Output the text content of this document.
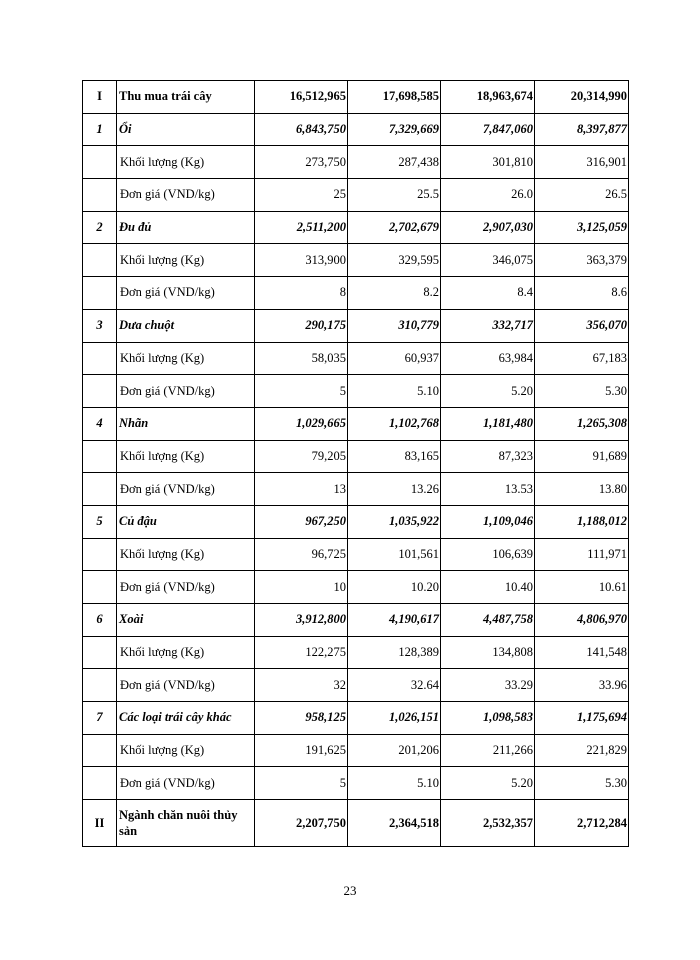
I	Thu mua trái cây	16,512,965	17,698,585	18,963,674	20,314,990
1	Ổi	6,843,750	7,329,669	7,847,060	8,397,877
	Khối lượng (Kg)	273,750	287,438	301,810	316,901
	Đơn giá (VND/kg)	25	25.5	26.0	26.5
2	Đu đủ	2,511,200	2,702,679	2,907,030	3,125,059
	Khối lượng (Kg)	313,900	329,595	346,075	363,379
	Đơn giá (VND/kg)	8	8.2	8.4	8.6
3	Dưa chuột	290,175	310,779	332,717	356,070
	Khối lượng (Kg)	58,035	60,937	63,984	67,183
	Đơn giá (VND/kg)	5	5.10	5.20	5.30
4	Nhãn	1,029,665	1,102,768	1,181,480	1,265,308
	Khối lượng (Kg)	79,205	83,165	87,323	91,689
	Đơn giá (VND/kg)	13	13.26	13.53	13.80
5	Củ đậu	967,250	1,035,922	1,109,046	1,188,012
	Khối lượng (Kg)	96,725	101,561	106,639	111,971
	Đơn giá (VND/kg)	10	10.20	10.40	10.61
6	Xoài	3,912,800	4,190,617	4,487,758	4,806,970
	Khối lượng (Kg)	122,275	128,389	134,808	141,548
	Đơn giá (VND/kg)	32	32.64	33.29	33.96
7	Các loại trái cây khác	958,125	1,026,151	1,098,583	1,175,694
	Khối lượng (Kg)	191,625	201,206	211,266	221,829
	Đơn giá (VND/kg)	5	5.10	5.20	5.30
II	Ngành chăn nuôi thủy sản	2,207,750	2,364,518	2,532,357	2,712,284
23
